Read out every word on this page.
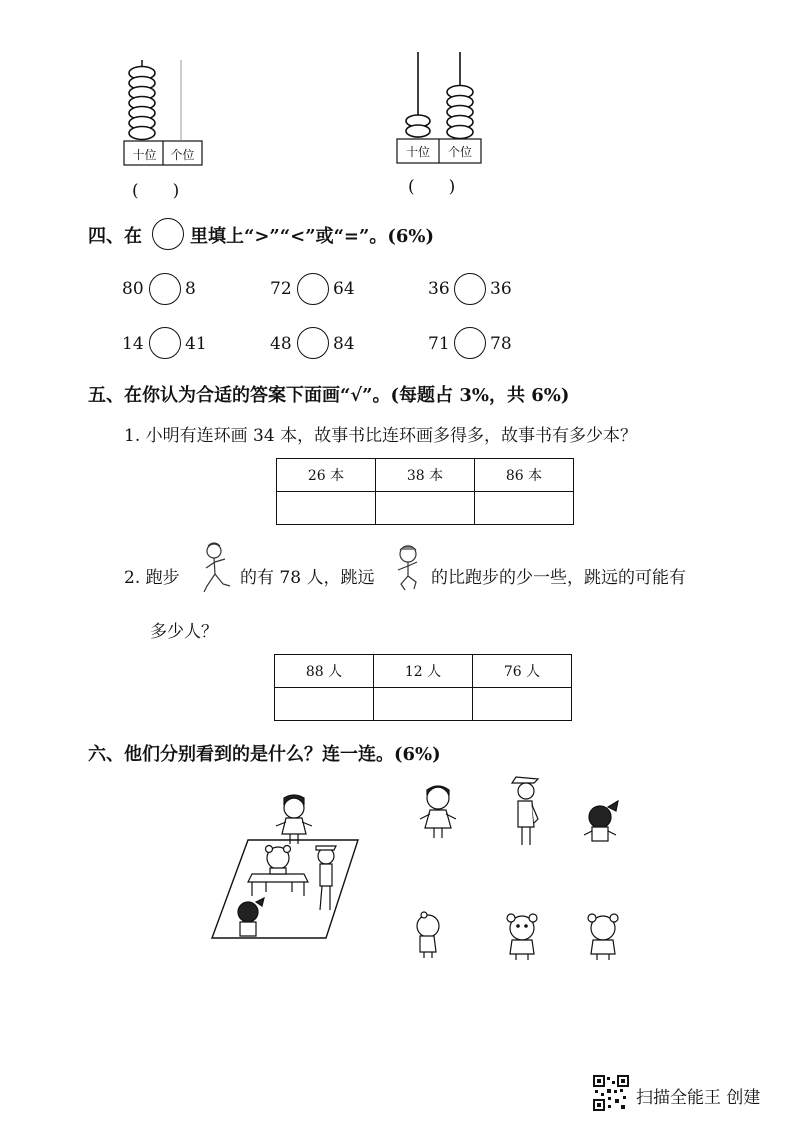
十位	个位
(　　)
十位	个位
(　　)
四、在	里填上“>”“<”或“=”。(6%)
80 8	72 64	36 36
14 41	48 84	71 78
五、在你认为合适的答案下面画“√”。(每题占 3%，共 6%)
1. 小明有连环画 34 本，故事书比连环画多得多，故事书有多少本？
26 本	38 本	86 本

2. 跑步	的有 78 人，跳远	的比跑步的少一些，跳远的可能有
多少人？
88 人	12 人	76 人

六、他们分别看到的是什么？连一连。(6%)
扫描全能王 创建
